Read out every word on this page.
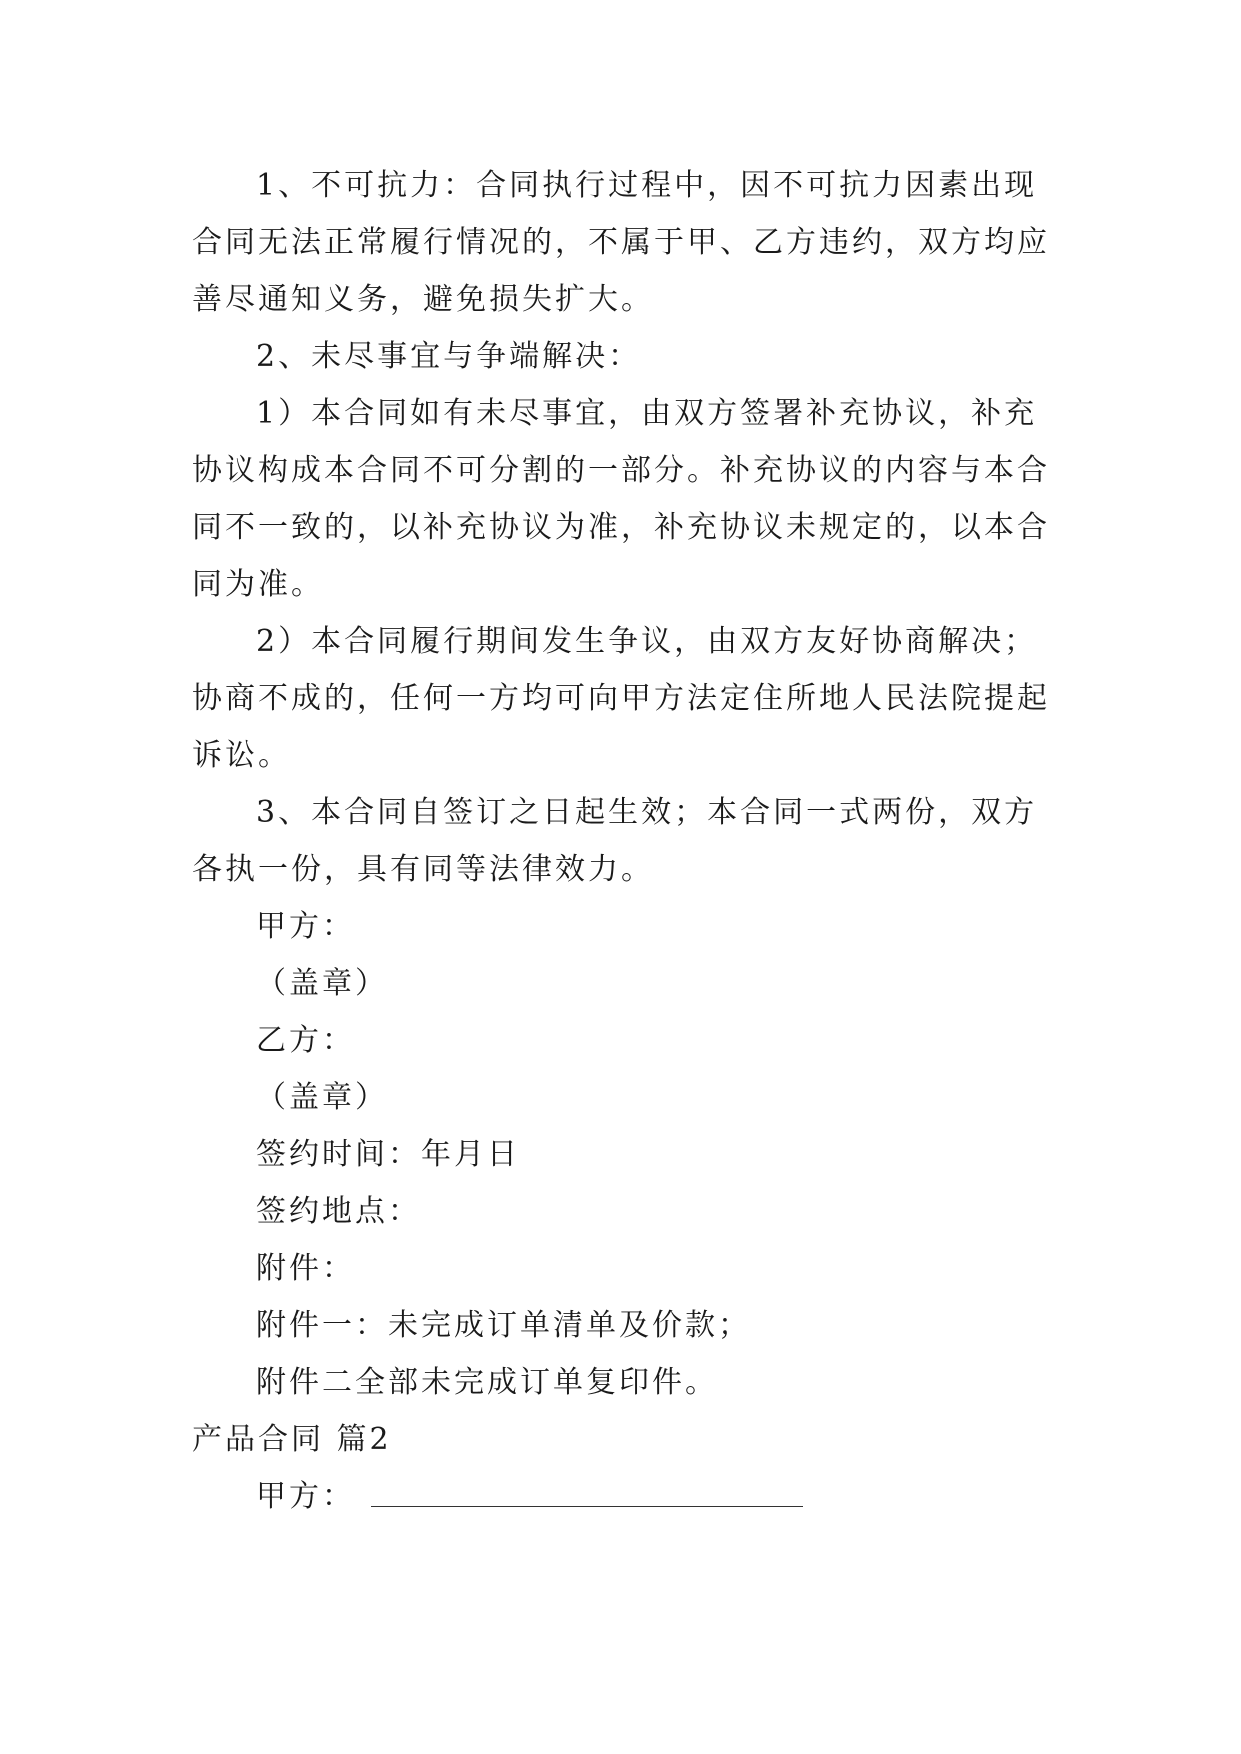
1、不可抗力：合同执行过程中，因不可抗力因素出现
合同无法正常履行情况的，不属于甲、乙方违约，双方均应
善尽通知义务，避免损失扩大。
2、未尽事宜与争端解决：
1）本合同如有未尽事宜，由双方签署补充协议，补充
协议构成本合同不可分割的一部分。补充协议的内容与本合
同不一致的，以补充协议为准，补充协议未规定的，以本合
同为准。
2）本合同履行期间发生争议，由双方友好协商解决；
协商不成的，任何一方均可向甲方法定住所地人民法院提起
诉讼。
3、本合同自签订之日起生效；本合同一式两份，双方
各执一份，具有同等法律效力。
甲方：
（盖章）
乙方：
（盖章）
签约时间：年月日
签约地点：
附件：
附件一：未完成订单清单及价款；
附件二全部未完成订单复印件。
产品合同 篇2
甲方：
